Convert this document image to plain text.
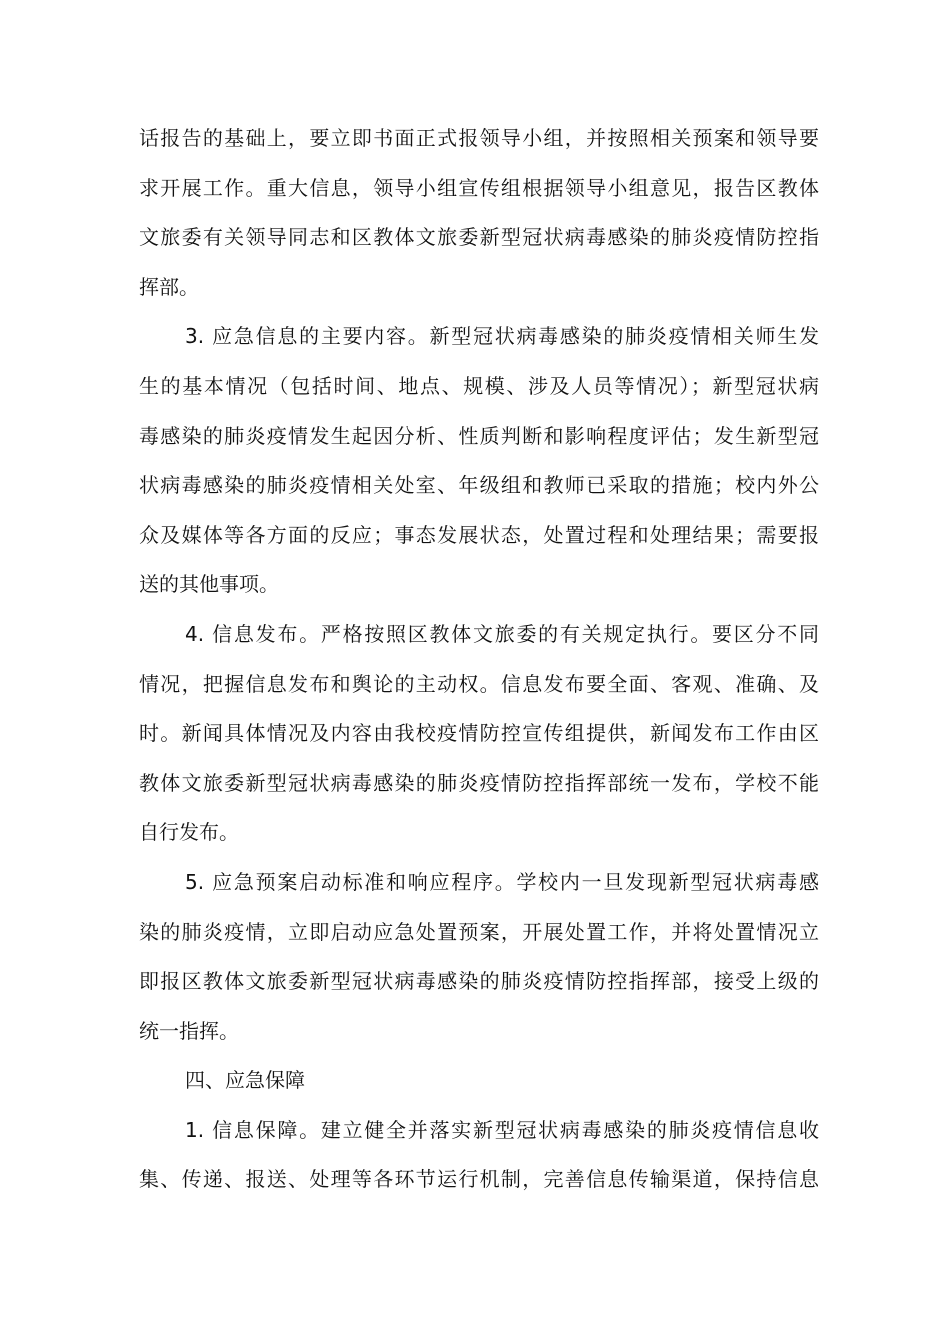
话报告的基础上，要立即书面正式报领导小组，并按照相关预案和领导要
求开展工作。重大信息，领导小组宣传组根据领导小组意见，报告区教体
文旅委有关领导同志和区教体文旅委新型冠状病毒感染的肺炎疫情防控指
挥部。
3. 应急信息的主要内容。新型冠状病毒感染的肺炎疫情相关师生发
生的基本情况（包括时间、地点、规模、涉及人员等情况）；新型冠状病
毒感染的肺炎疫情发生起因分析、性质判断和影响程度评估；发生新型冠
状病毒感染的肺炎疫情相关处室、年级组和教师已采取的措施；校内外公
众及媒体等各方面的反应；事态发展状态，处置过程和处理结果；需要报
送的其他事项。
4. 信息发布。严格按照区教体文旅委的有关规定执行。要区分不同
情况，把握信息发布和舆论的主动权。信息发布要全面、客观、准确、及
时。新闻具体情况及内容由我校疫情防控宣传组提供，新闻发布工作由区
教体文旅委新型冠状病毒感染的肺炎疫情防控指挥部统一发布，学校不能
自行发布。
5. 应急预案启动标准和响应程序。学校内一旦发现新型冠状病毒感
染的肺炎疫情，立即启动应急处置预案，开展处置工作，并将处置情况立
即报区教体文旅委新型冠状病毒感染的肺炎疫情防控指挥部，接受上级的
统一指挥。
四、应急保障
1. 信息保障。建立健全并落实新型冠状病毒感染的肺炎疫情信息收
集、传递、报送、处理等各环节运行机制，完善信息传输渠道，保持信息
